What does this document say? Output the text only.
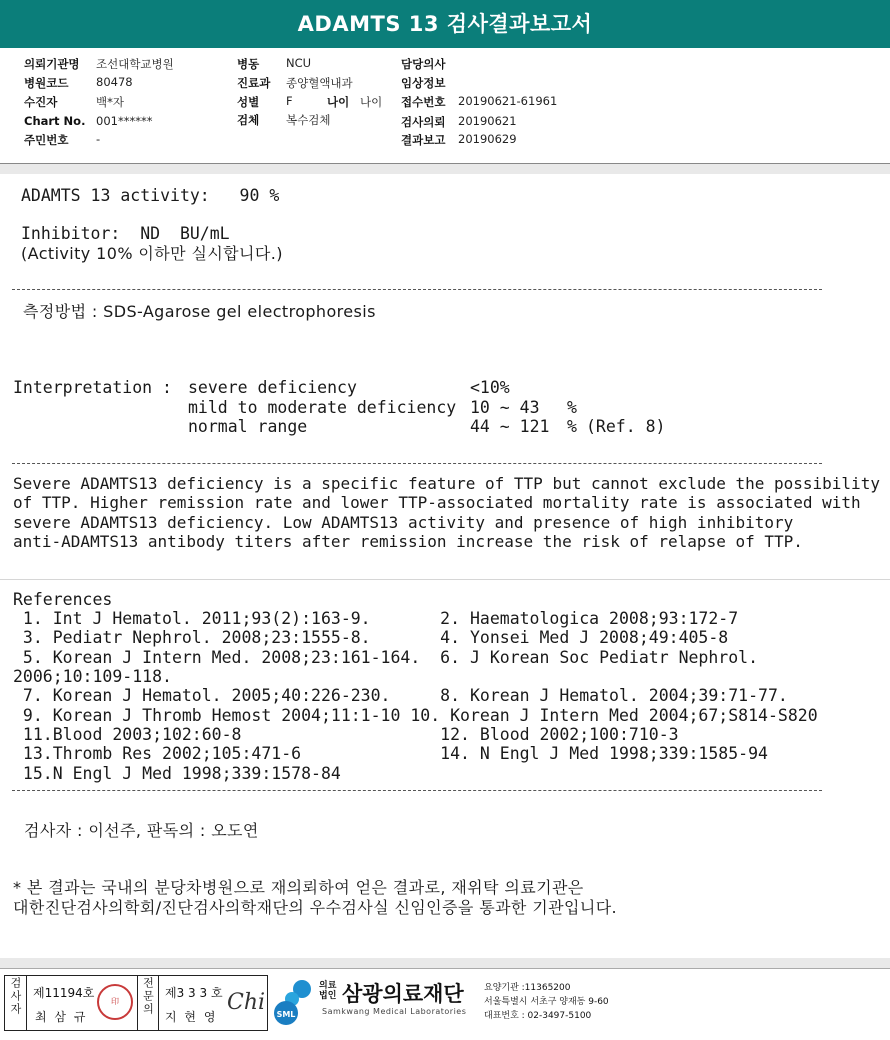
ADAMTS 13 검사결과보고서
의뢰기관명 조선대학교병원
병원코드 80478
수진자	백*자
Chart No. 001******
주민번호 -
병동 NCU
진료과 종양혈액내과
성별 F	나이 나이
검체 복수검체
담당의사
임상정보
접수번호 20190621-61961
검사의뢰 20190621
결과보고 20190629
ADAMTS 13 activity:   90 %
Inhibitor:  ND  BU/mL
(Activity 10% 이하만 실시합니다.)
측정방법 : SDS-Agarose gel electrophoresis
Interpretation : severe deficiency	<10%
mild to moderate deficiency 10 ~ 43 %
normal range	44 ~ 121 % (Ref. 8)
Severe ADAMTS13 deficiency is a specific feature of TTP but cannot exclude the possibility
of TTP. Higher remission rate and lower TTP-associated mortality rate is associated with
severe ADAMTS13 deficiency. Low ADAMTS13 activity and presence of high inhibitory
anti-ADAMTS13 antibody titers after remission increase the risk of relapse of TTP.
References
1. Int J Hematol. 2011;93(2):163-9.       2. Haematologica 2008;93:172-7
3. Pediatr Nephrol. 2008;23:1555-8.       4. Yonsei Med J 2008;49:405-8
5. Korean J Intern Med. 2008;23:161-164.  6. J Korean Soc Pediatr Nephrol.
2006;10:109-118.
7. Korean J Hematol. 2005;40:226-230.     8. Korean J Hematol. 2004;39:71-77.
9. Korean J Thromb Hemost 2004;11:1-10 10. Korean J Intern Med 2004;67;S814-S820
11.Blood 2003;102:60-8                    12. Blood 2002;100:710-3
13.Thromb Res 2002;105:471-6              14. N Engl J Med 1998;339:1585-94
15.N Engl J Med 1998;339:1578-84
검사자 : 이선주, 판독의 : 오도연
* 본 결과는 국내의 분당차병원으로 재의뢰하여 얻은 결과로, 재위탁 의료기관은
대한진단검사의학회/진단검사의학재단의 우수검사실 신임인증을 통과한 기관입니다.
검사자 제11194호
최 삼 규
印	전문의 제3 3 3 호
지 현 영
Chi SML
의료법인 삼광의료재단
Samkwang Medical Laboratories
요양기관 :11365200
서울특별시 서초구 양재동 9-60
대표번호 : 02-3497-5100
